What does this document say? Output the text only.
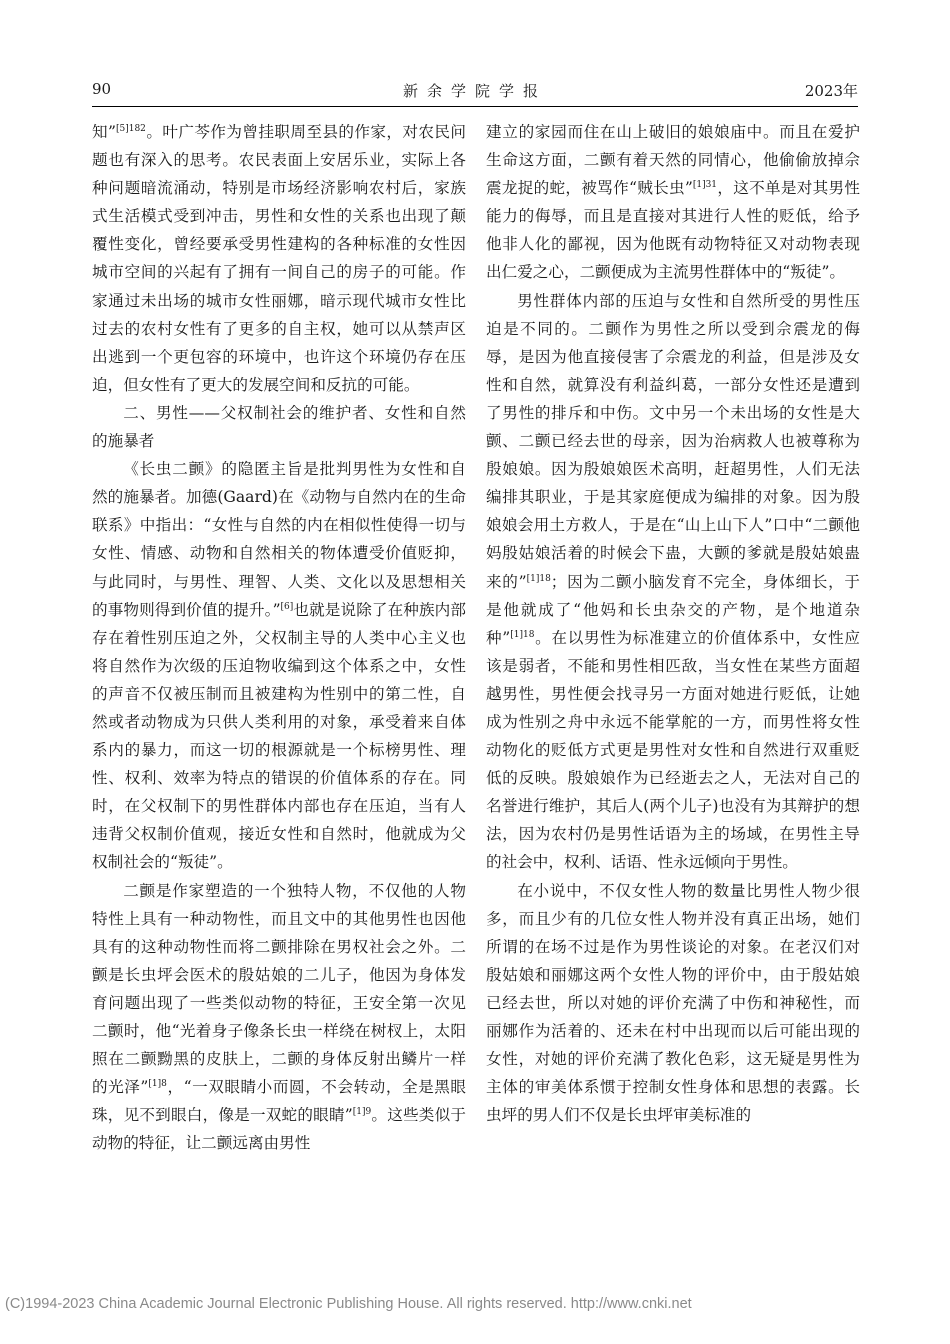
90	新余学院学报	2023年

知”$^{[5]182}$。叶广芩作为曾挂职周至县的作家，对农民问题也有深入的思考。农民表面上安居乐业，实际上各种问题暗流涌动，特别是市场经济影响农村后，家族式生活模式受到冲击，男性和女性的关系也出现了颠覆性变化，曾经要承受男性建构的各种标准的女性因城市空间的兴起有了拥有一间自己的房子的可能。作家通过未出场的城市女性丽娜，暗示现代城市女性比过去的农村女性有了更多的自主权，她可以从禁声区出逃到一个更包容的环境中，也许这个环境仍存在压迫，但女性有了更大的发展空间和反抗的可能。

二、男性——父权制社会的维护者、女性和自然的施暴者

《长虫二颤》的隐匿主旨是批判男性为女性和自然的施暴者。加德(Gaard)在《动物与自然内在的生命联系》中指出：“女性与自然的内在相似性使得一切与女性、情感、动物和自然相关的物体遭受价值贬抑，与此同时，与男性、理智、人类、文化以及思想相关的事物则得到价值的提升。”[6]也就是说除了在种族内部存在着性别压迫之外，父权制主导的人类中心主义也将自然作为次级的压迫物收编到这个体系之中，女性的声音不仅被压制而且被建构为性别中的第二性，自然或者动物成为只供人类利用的对象，承受着来自体系内的暴力，而这一切的根源就是一个标榜男性、理性、权利、效率为特点的错误的价值体系的存在。同时，在父权制下的男性群体内部也存在压迫，当有人违背父权制价值观，接近女性和自然时，他就成为父权制社会的“叛徒”。

二颤是作家塑造的一个独特人物，不仅他的人物特性上具有一种动物性，而且文中的其他男性也因他具有的这种动物性而将二颤排除在男权社会之外。二颤是长虫坪会医术的殷姑娘的二儿子，他因为身体发育问题出现了一些类似动物的特征，王安全第一次见二颤时，他“光着身子像条长虫一样绕在树杈上，太阳照在二颤黝黑的皮肤上，二颤的身体反射出鳞片一样的光泽”$^{[1]8}$，“一双眼睛小而圆，不会转动，全是黑眼珠，见不到眼白，像是一双蛇的眼睛”$^{[1]9}$。这些类似于动物的特征，让二颤远离由男性

建立的家园而住在山上破旧的娘娘庙中。而且在爱护生命这方面，二颤有着天然的同情心，他偷偷放掉佘震龙捉的蛇，被骂作“贼长虫”$^{[1]31}$，这不单是对其男性能力的侮辱，而且是直接对其进行人性的贬低，给予他非人化的鄙视，因为他既有动物特征又对动物表现出仁爱之心，二颤便成为主流男性群体中的“叛徒”。

男性群体内部的压迫与女性和自然所受的男性压迫是不同的。二颤作为男性之所以受到佘震龙的侮辱，是因为他直接侵害了佘震龙的利益，但是涉及女性和自然，就算没有利益纠葛，一部分女性还是遭到了男性的排斥和中伤。文中另一个未出场的女性是大颤、二颤已经去世的母亲，因为治病救人也被尊称为殷娘娘。因为殷娘娘医术高明，赶超男性，人们无法编排其职业，于是其家庭便成为编排的对象。因为殷娘娘会用土方救人，于是在“山上山下人”口中“二颤他妈殷姑娘活着的时候会下蛊，大颤的爹就是殷姑娘蛊来的”$^{[1]18}$；因为二颤小脑发育不完全，身体细长，于是他就成了“他妈和长虫杂交的产物，是个地道杂种”$^{[1]18}$。在以男性为标准建立的价值体系中，女性应该是弱者，不能和男性相匹敌，当女性在某些方面超越男性，男性便会找寻另一方面对她进行贬低，让她成为性别之舟中永远不能掌舵的一方，而男性将女性动物化的贬低方式更是男性对女性和自然进行双重贬低的反映。殷娘娘作为已经逝去之人，无法对自己的名誉进行维护，其后人(两个儿子)也没有为其辩护的想法，因为农村仍是男性话语为主的场域，在男性主导的社会中，权利、话语、性永远倾向于男性。

在小说中，不仅女性人物的数量比男性人物少很多，而且少有的几位女性人物并没有真正出场，她们所谓的在场不过是作为男性谈论的对象。在老汉们对殷姑娘和丽娜这两个女性人物的评价中，由于殷姑娘已经去世，所以对她的评价充满了中伤和神秘性，而丽娜作为活着的、还未在村中出现而以后可能出现的女性，对她的评价充满了教化色彩，这无疑是男性为主体的审美体系惯于控制女性身体和思想的表露。长虫坪的男人们不仅是长虫坪审美标准的

(C)1994-2023 China Academic Journal Electronic Publishing House. All rights reserved. http://www.cnki.net
